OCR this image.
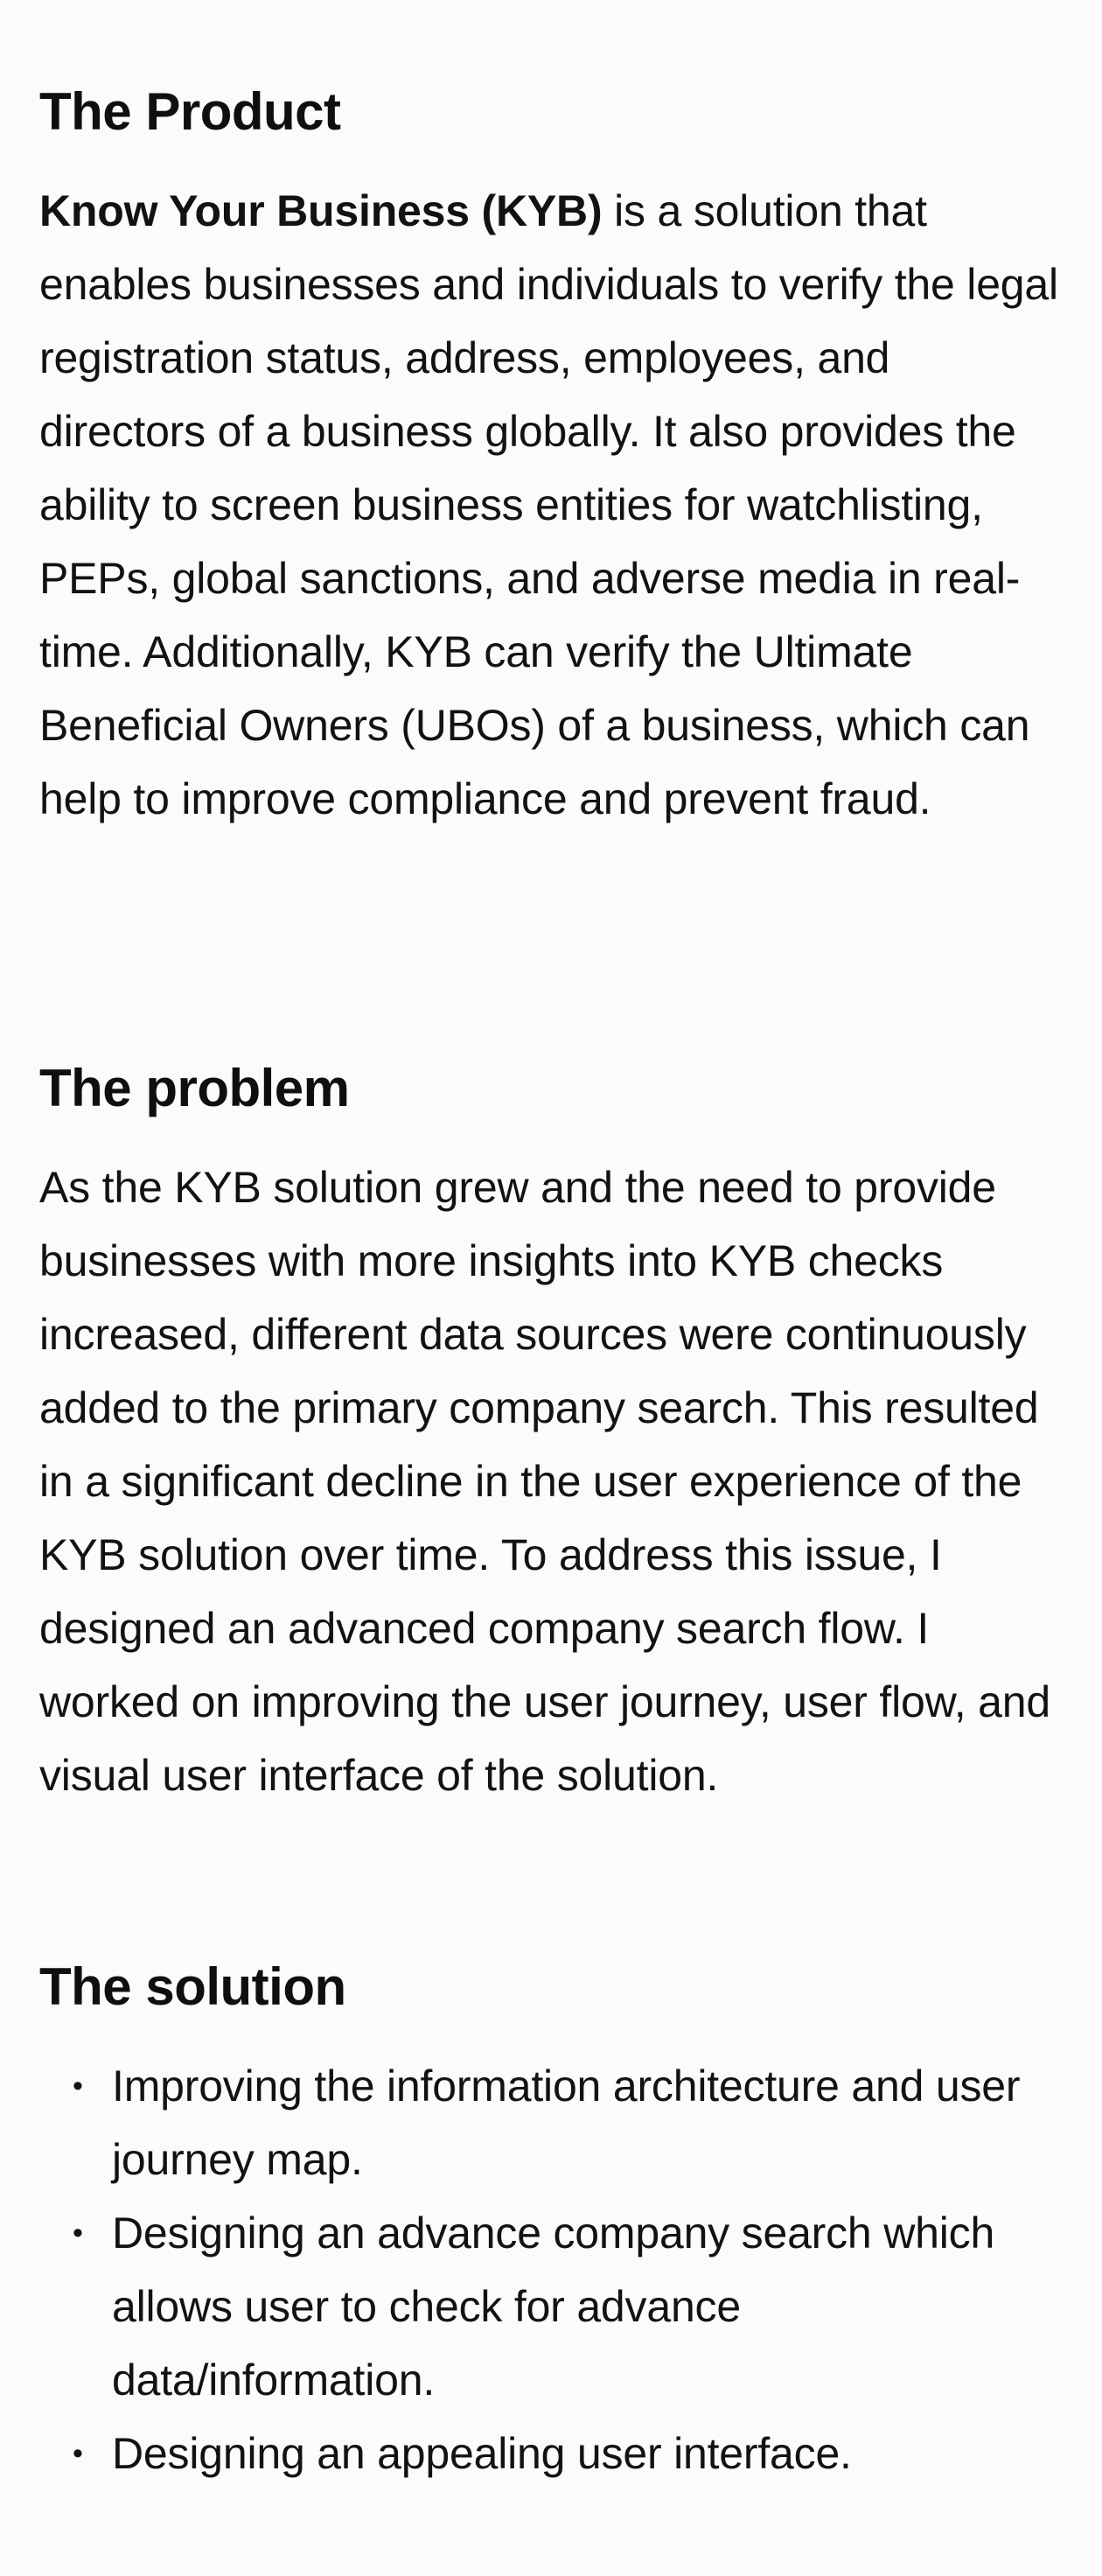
The Product

Know Your Business (KYB) is a solution that enables businesses and individuals to verify the legal registration status, address, employees, and directors of a business globally. It also provides the ability to screen business entities for watchlisting, PEPs, global sanctions, and adverse media in real-time. Additionally, KYB can verify the Ultimate Beneficial Owners (UBOs) of a business, which can help to improve compliance and prevent fraud.

The problem

As the KYB solution grew and the need to provide businesses with more insights into KYB checks increased, different data sources were continuously added to the primary company search. This resulted in a significant decline in the user experience of the KYB solution over time. To address this issue, I designed an advanced company search flow. I worked on improving the user journey, user flow, and visual user interface of the solution.

The solution
• Improving the information architecture and user journey map.
• Designing an advance company search which allows user to check for advance data/information.
• Designing an appealing user interface.
